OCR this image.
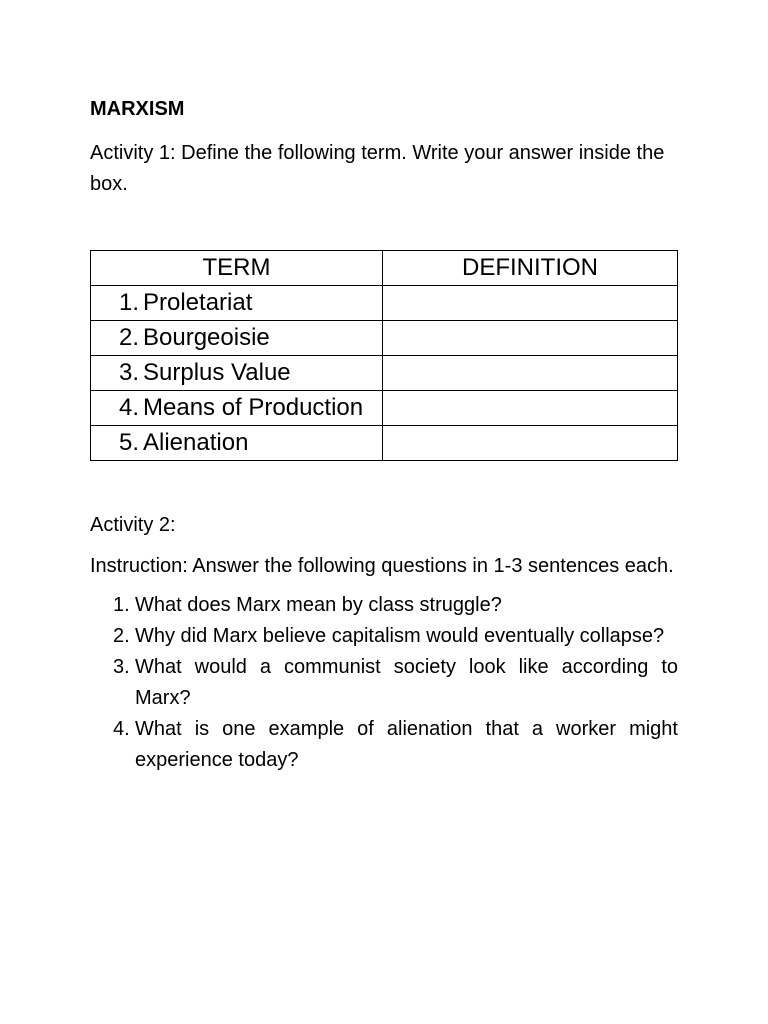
MARXISM

Activity 1: Define the following term. Write your answer inside the box.

TERM	DEFINITION
1. Proletariat	
2. Bourgeoisie	
3. Surplus Value	
4. Means of Production	
5. Alienation	

Activity 2:

Instruction: Answer the following questions in 1-3 sentences each.

1. What does Marx mean by class struggle?
2. Why did Marx believe capitalism would eventually collapse?
3. What would a communist society look like according to Marx?
4. What is one example of alienation that a worker might experience today?
